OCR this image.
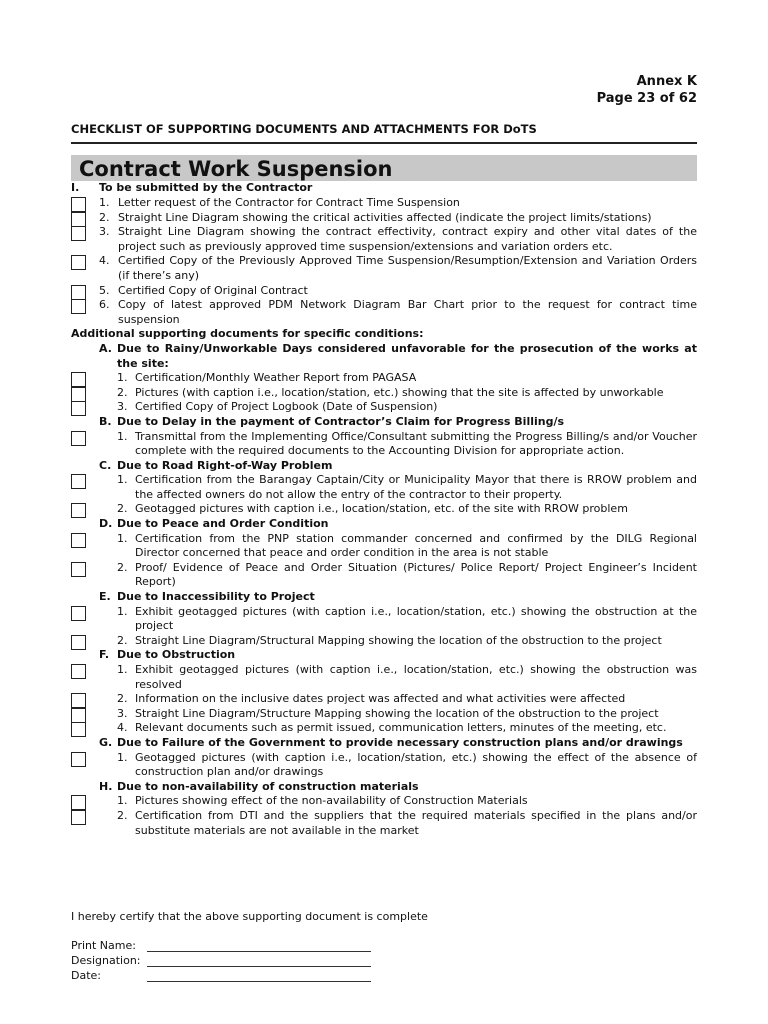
Annex K
Page 23 of 62
CHECKLIST OF SUPPORTING DOCUMENTS AND ATTACHMENTS FOR DoTS
Contract Work Suspension
I. To be submitted by the Contractor
1. Letter request of the Contractor for Contract Time Suspension
2. Straight Line Diagram showing the critical activities affected (indicate the project limits/stations)
3. Straight Line Diagram showing the contract effectivity, contract expiry and other vital dates of the project such as previously approved time suspension/extensions and variation orders etc.
4. Certified Copy of the Previously Approved Time Suspension/Resumption/Extension and Variation Orders (if there’s any)
5. Certified Copy of Original Contract
6. Copy of latest approved PDM Network Diagram Bar Chart prior to the request for contract time suspension
Additional supporting documents for specific conditions:
A. Due to Rainy/Unworkable Days considered unfavorable for the prosecution of the works at the site:
1. Certification/Monthly Weather Report from PAGASA
2. Pictures (with caption i.e., location/station, etc.) showing that the site is affected by unworkable
3. Certified Copy of Project Logbook (Date of Suspension)
B. Due to Delay in the payment of Contractor’s Claim for Progress Billing/s
1. Transmittal from the Implementing Office/Consultant submitting the Progress Billing/s and/or Voucher complete with the required documents to the Accounting Division for appropriate action.
C. Due to Road Right-of-Way Problem
1. Certification from the Barangay Captain/City or Municipality Mayor that there is RROW problem and the affected owners do not allow the entry of the contractor to their property.
2. Geotagged pictures with caption i.e., location/station, etc. of the site with RROW problem
D. Due to Peace and Order Condition
1. Certification from the PNP station commander concerned and confirmed by the DILG Regional Director concerned that peace and order condition in the area is not stable
2. Proof/ Evidence of Peace and Order Situation (Pictures/ Police Report/ Project Engineer’s Incident Report)
E. Due to Inaccessibility to Project
1. Exhibit geotagged pictures (with caption i.e., location/station, etc.) showing the obstruction at the project
2. Straight Line Diagram/Structural Mapping showing the location of the obstruction to the project
F. Due to Obstruction
1. Exhibit geotagged pictures (with caption i.e., location/station, etc.) showing the obstruction was resolved
2. Information on the inclusive dates project was affected and what activities were affected
3. Straight Line Diagram/Structure Mapping showing the location of the obstruction to the project
4. Relevant documents such as permit issued, communication letters, minutes of the meeting, etc.
G. Due to Failure of the Government to provide necessary construction plans and/or drawings
1. Geotagged pictures (with caption i.e., location/station, etc.) showing the effect of the absence of construction plan and/or drawings
H. Due to non-availability of construction materials
1. Pictures showing effect of the non-availability of Construction Materials
2. Certification from DTI and the suppliers that the required materials specified in the plans and/or substitute materials are not available in the market
I hereby certify that the above supporting document is complete
Print Name:
Designation:
Date:
